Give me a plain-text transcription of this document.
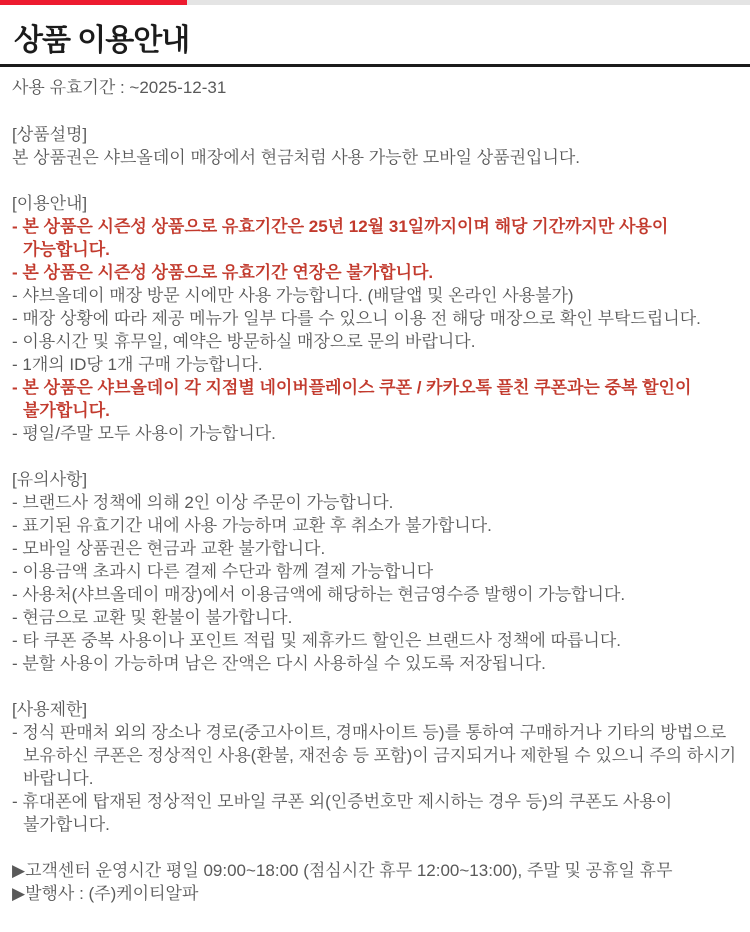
상품 이용안내
사용 유효기간 : ~2025-12-31
[상품설명]
본 상품권은 샤브올데이 매장에서 현금처럼 사용 가능한 모바일 상품권입니다.
[이용안내]
- 본 상품은 시즌성 상품으로 유효기간은 25년 12월 31일까지이며 해당 기간까지만 사용이
가능합니다.
- 본 상품은 시즌성 상품으로 유효기간 연장은 불가합니다.
- 샤브올데이 매장 방문 시에만 사용 가능합니다. (배달앱 및 온라인 사용불가)
- 매장 상황에 따라 제공 메뉴가 일부 다를 수 있으니 이용 전 해당 매장으로 확인 부탁드립니다.
- 이용시간 및 휴무일, 예약은 방문하실 매장으로 문의 바랍니다.
- 1개의 ID당 1개 구매 가능합니다.
- 본 상품은 샤브올데이 각 지점별 네이버플레이스 쿠폰 / 카카오톡 플친 쿠폰과는 중복 할인이
불가합니다.
- 평일/주말 모두 사용이 가능합니다.
[유의사항]
- 브랜드사 정책에 의해 2인 이상 주문이 가능합니다.
- 표기된 유효기간 내에 사용 가능하며 교환 후 취소가 불가합니다.
- 모바일 상품권은 현금과 교환 불가합니다.
- 이용금액 초과시 다른 결제 수단과 함께 결제 가능합니다
- 사용처(샤브올데이 매장)에서 이용금액에 해당하는 현금영수증 발행이 가능합니다.
- 현금으로 교환 및 환불이 불가합니다.
- 타 쿠폰 중복 사용이나 포인트 적립 및 제휴카드 할인은 브랜드사 정책에 따릅니다.
- 분할 사용이 가능하며 남은 잔액은 다시 사용하실 수 있도록 저장됩니다.
[사용제한]
- 정식 판매처 외의 장소나 경로(중고사이트, 경매사이트 등)를 통하여 구매하거나 기타의 방법으로
보유하신 쿠폰은 정상적인 사용(환불, 재전송 등 포함)이 금지되거나 제한될 수 있으니 주의 하시기
바랍니다.
- 휴대폰에 탑재된 정상적인 모바일 쿠폰 외(인증번호만 제시하는 경우 등)의 쿠폰도 사용이
불가합니다.
▶고객센터 운영시간 평일 09:00~18:00 (점심시간 휴무 12:00~13:00), 주말 및 공휴일 휴무
▶발행사 : (주)케이티알파
